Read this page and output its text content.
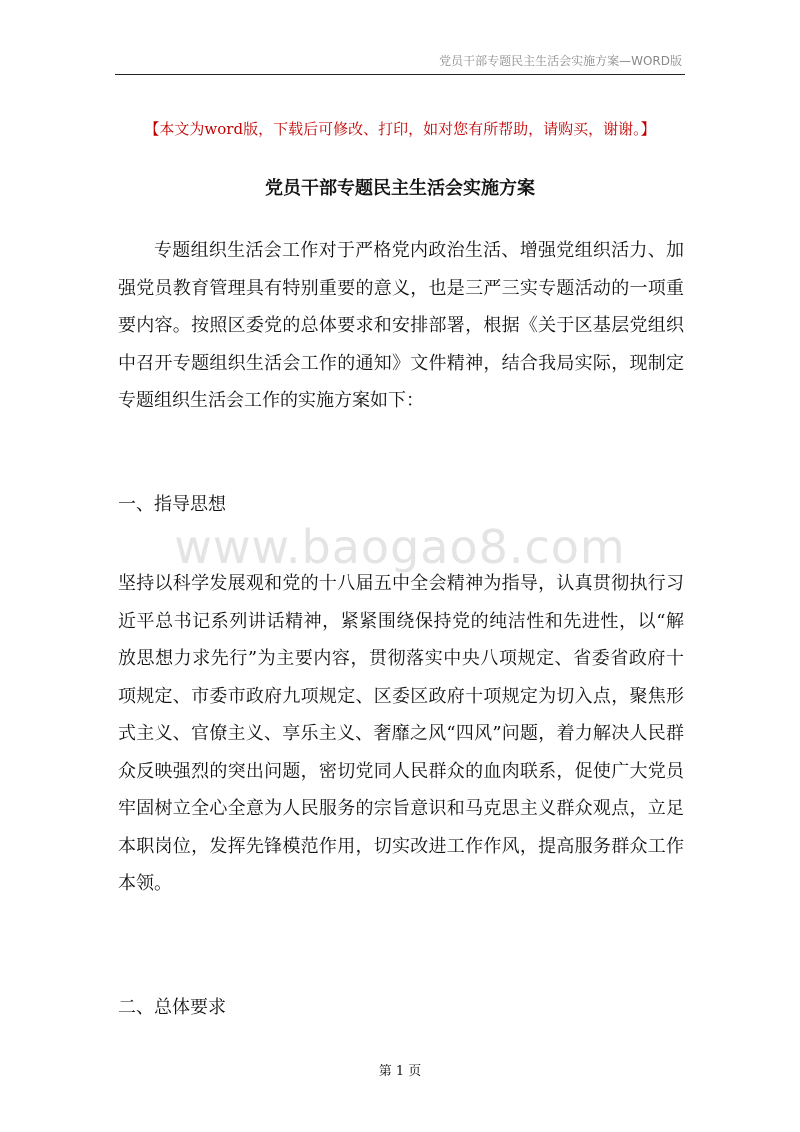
党员干部专题民主生活会实施方案—WORD版
【本文为word版，下载后可修改、打印，如对您有所帮助，请购买，谢谢。】
党员干部专题民主生活会实施方案

专题组织生活会工作对于严格党内政治生活、增强党组织活力、加强党员教育管理具有特别重要的意义，也是三严三实专题活动的一项重要内容。按照区委党的总体要求和安排部署，根据《关于区基层党组织中召开专题组织生活会工作的通知》文件精神，结合我局实际，现制定专题组织生活会工作的实施方案如下：

一、指导思想
www.baogao8.com

坚持以科学发展观和党的十八届五中全会精神为指导，认真贯彻执行习近平总书记系列讲话精神，紧紧围绕保持党的纯洁性和先进性，以“解放思想力求先行”为主要内容，贯彻落实中央八项规定、省委省政府十项规定、市委市政府九项规定、区委区政府十项规定为切入点，聚焦形式主义、官僚主义、享乐主义、奢靡之风“四风”问题，着力解决人民群众反映强烈的突出问题，密切党同人民群众的血肉联系，促使广大党员牢固树立全心全意为人民服务的宗旨意识和马克思主义群众观点，立足本职岗位，发挥先锋模范作用，切实改进工作作风，提高服务群众工作本领。

二、总体要求
第 1 页
